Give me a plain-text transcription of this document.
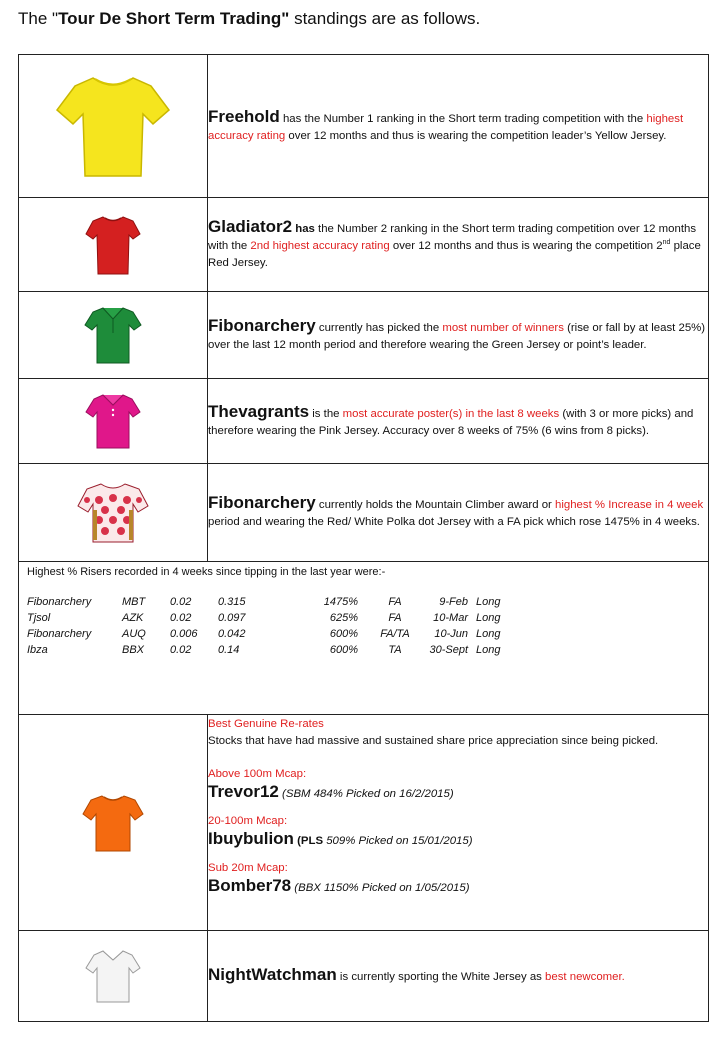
The "Tour De Short Term Trading" standings are as follows.
	Freehold has the Number 1 ranking in the Short term trading competition with the highest accuracy rating over 12 months and thus is wearing the competition leader’s Yellow Jersey.

	Gladiator2 has the Number 2 ranking in the Short term trading competition over 12 months with the 2nd highest accuracy rating over 12 months and thus is wearing the competition 2nd place Red Jersey.

	Fibonarchery currently has picked the most number of winners (rise or fall by at least 25%) over the last 12 month period and therefore wearing the Green Jersey or point’s leader.

	Thevagrants is the most accurate poster(s) in the last 8 weeks (with 3 or more picks) and therefore wearing the Pink Jersey. Accuracy over 8 weeks of 75% (6 wins from 8 picks).

	Fibonarchery currently holds the Mountain Climber award or highest % Increase in 4 week period and wearing the Red/ White Polka dot Jersey with a FA pick which rose 1475% in 4 weeks.

Highest % Risers recorded in 4 weeks since tipping in the last year were:-
Fibonarchery	MBT	0.02	0.315	1475%	FA	9-Feb	Long
Tjsol	AZK	0.02	0.097	625%	FA	10-Mar	Long
Fibonarchery	AUQ	0.006	0.042	600%	FA/TA	10-Jun	Long
Ibza	BBX	0.02	0.14	600%	TA	30-Sept	Long

Best Genuine Re-rates
Stocks that have had massive and sustained share price appreciation since being picked.
Above 100m Mcap:
Trevor12 (SBM 484% Picked on 16/2/2015)
20-100m Mcap:
Ibuybulion (PLS 509% Picked on 15/01/2015)
Sub 20m Mcap:
Bomber78 (BBX 1150% Picked on 1/05/2015)

	NightWatchman is currently sporting the White Jersey as best newcomer.
